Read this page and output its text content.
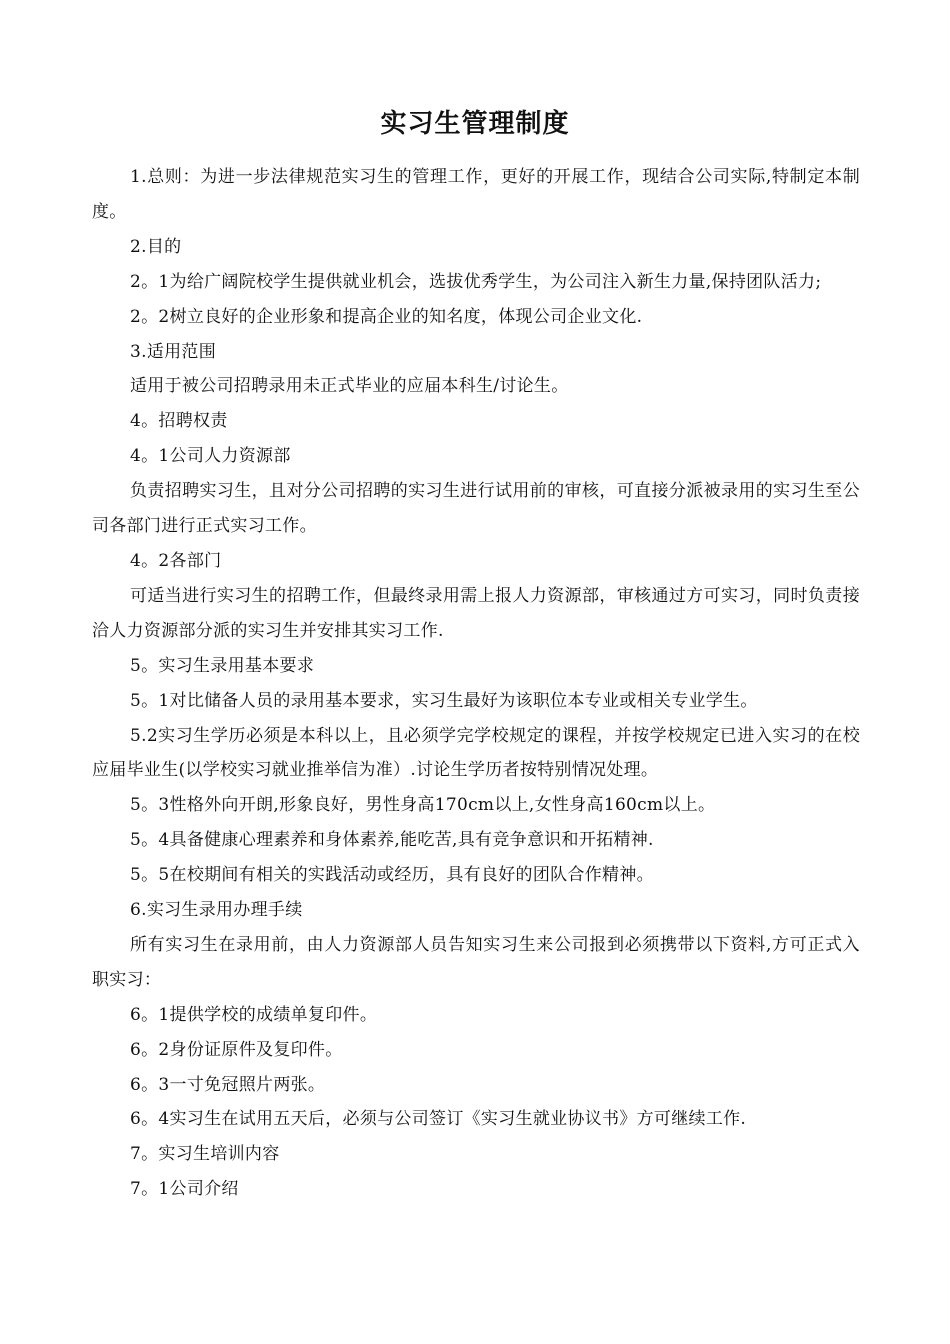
实习生管理制度

1.总则：为进一步法律规范实习生的管理工作，更好的开展工作，现结合公司实际,特制定本制度。

2.目的

2。1为给广阔院校学生提供就业机会，选拔优秀学生，为公司注入新生力量,保持团队活力;

2。2树立良好的企业形象和提高企业的知名度，体现公司企业文化.

3.适用范围

适用于被公司招聘录用未正式毕业的应届本科生/讨论生。

4。招聘权责

4。1公司人力资源部

负责招聘实习生，且对分公司招聘的实习生进行试用前的审核，可直接分派被录用的实习生至公司各部门进行正式实习工作。

4。2各部门

可适当进行实习生的招聘工作，但最终录用需上报人力资源部，审核通过方可实习，同时负责接洽人力资源部分派的实习生并安排其实习工作.

5。实习生录用基本要求

5。1对比储备人员的录用基本要求，实习生最好为该职位本专业或相关专业学生。

5.2实习生学历必须是本科以上，且必须学完学校规定的课程，并按学校规定已进入实习的在校应届毕业生(以学校实习就业推举信为准）.讨论生学历者按特别情况处理。

5。3性格外向开朗,形象良好，男性身高170cm以上,女性身高160cm以上。

5。4具备健康心理素养和身体素养,能吃苦,具有竞争意识和开拓精神.

5。5在校期间有相关的实践活动或经历，具有良好的团队合作精神。

6.实习生录用办理手续

所有实习生在录用前，由人力资源部人员告知实习生来公司报到必须携带以下资料,方可正式入职实习：

6。1提供学校的成绩单复印件。

6。2身份证原件及复印件。

6。3一寸免冠照片两张。

6。4实习生在试用五天后，必须与公司签订《实习生就业协议书》方可继续工作.

7。实习生培训内容

7。1公司介绍
